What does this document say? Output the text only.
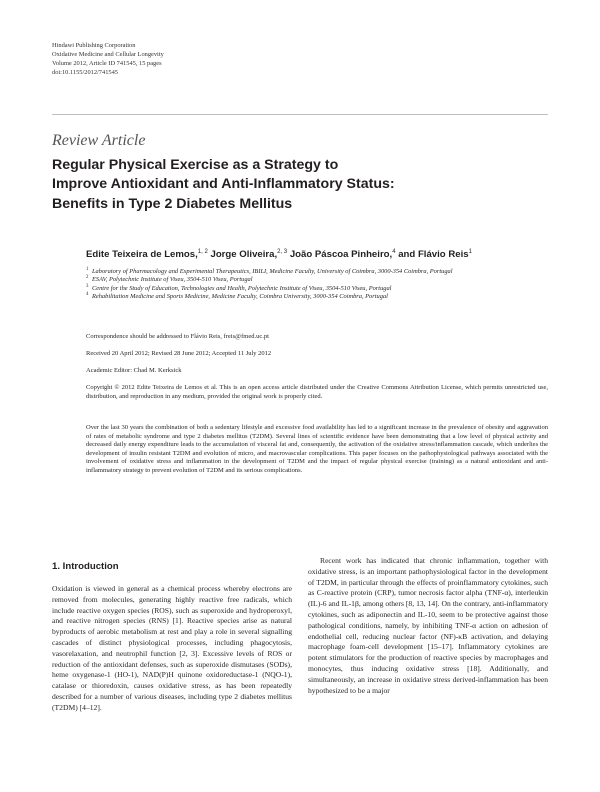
Hindawi Publishing Corporation
Oxidative Medicine and Cellular Longevity
Volume 2012, Article ID 741545, 15 pages
doi:10.1155/2012/741545
Review Article
Regular Physical Exercise as a Strategy to
Improve Antioxidant and Anti-Inflammatory Status:
Benefits in Type 2 Diabetes Mellitus
Edite Teixeira de Lemos,$^{1, 2}$ Jorge Oliveira,$^{2, 3}$ João Páscoa Pinheiro,$^4$ and Flávio Reis$^1$
1 Laboratory of Pharmacology and Experimental Therapeutics, IBILI, Medicine Faculty, University of Coimbra, 3000-354 Coimbra, Portugal
2 ESAV, Polytechnic Institute of Viseu, 3504-510 Viseu, Portugal
3 Centre for the Study of Education, Technologies and Health, Polytechnic Institute of Viseu, 3504-510 Viseu, Portugal
4 Rehabilitation Medicine and Sports Medicine, Medicine Faculty, Coimbra University, 3000-354 Coimbra, Portugal
Correspondence should be addressed to Flávio Reis, freis@fmed.uc.pt
Received 20 April 2012; Revised 28 June 2012; Accepted 11 July 2012
Academic Editor: Chad M. Kerksick
Copyright © 2012 Edite Teixeira de Lemos et al. This is an open access article distributed under the Creative Commons Attribution License, which permits unrestricted use, distribution, and reproduction in any medium, provided the original work is properly cited.
Over the last 30 years the combination of both a sedentary lifestyle and excessive food availability has led to a significant increase in the prevalence of obesity and aggravation of rates of metabolic syndrome and type 2 diabetes mellitus (T2DM). Several lines of scientific evidence have been demonstrating that a low level of physical activity and decreased daily energy expenditure leads to the accumulation of visceral fat and, consequently, the activation of the oxidative stress/inflammation cascade, which underlies the development of insulin resistant T2DM and evolution of micro, and macrovascular complications. This paper focuses on the pathophysiological pathways associated with the involvement of oxidative stress and inflammation in the development of T2DM and the impact of regular physical exercise (training) as a natural antioxidant and anti-inflammatory strategy to prevent evolution of T2DM and its serious complications.
1. Introduction
Oxidation is viewed in general as a chemical process whereby electrons are removed from molecules, generating highly reactive free radicals, which include reactive oxygen species (ROS), such as superoxide and hydroperoxyl, and reactive nitrogen species (RNS) [1]. Reactive species arise as natural byproducts of aerobic metabolism at rest and play a role in several signalling cascades of distinct physiological processes, including phagocytosis, vasorelaxation, and neutrophil function [2, 3]. Excessive levels of ROS or reduction of the antioxidant defenses, such as superoxide dismutases (SODs), heme oxygenase-1 (HO-1), NAD(P)H quinone oxidoreductase-1 (NQO-1), catalase or thioredoxin, causes oxidative stress, as has been repeatedly described for a number of various diseases, including type 2 diabetes mellitus (T2DM) [4–12].
Recent work has indicated that chronic inflammation, together with oxidative stress, is an important pathophysiological factor in the development of T2DM, in particular through the effects of proinflammatory cytokines, such as C-reactive protein (CRP), tumor necrosis factor alpha (TNF-α), interleukin (IL)-6 and IL-1β, among others [8, 13, 14]. On the contrary, anti-inflammatory cytokines, such as adiponectin and IL-10, seem to be protective against those pathological conditions, namely, by inhibiting TNF-α action on adhesion of endothelial cell, reducing nuclear factor (NF)-κB activation, and delaying macrophage foam-cell development [15–17]. Inflammatory cytokines are potent stimulators for the production of reactive species by macrophages and monocytes, thus inducing oxidative stress [18]. Additionally, and simultaneously, an increase in oxidative stress derived-inflammation has been hypothesized to be a major
